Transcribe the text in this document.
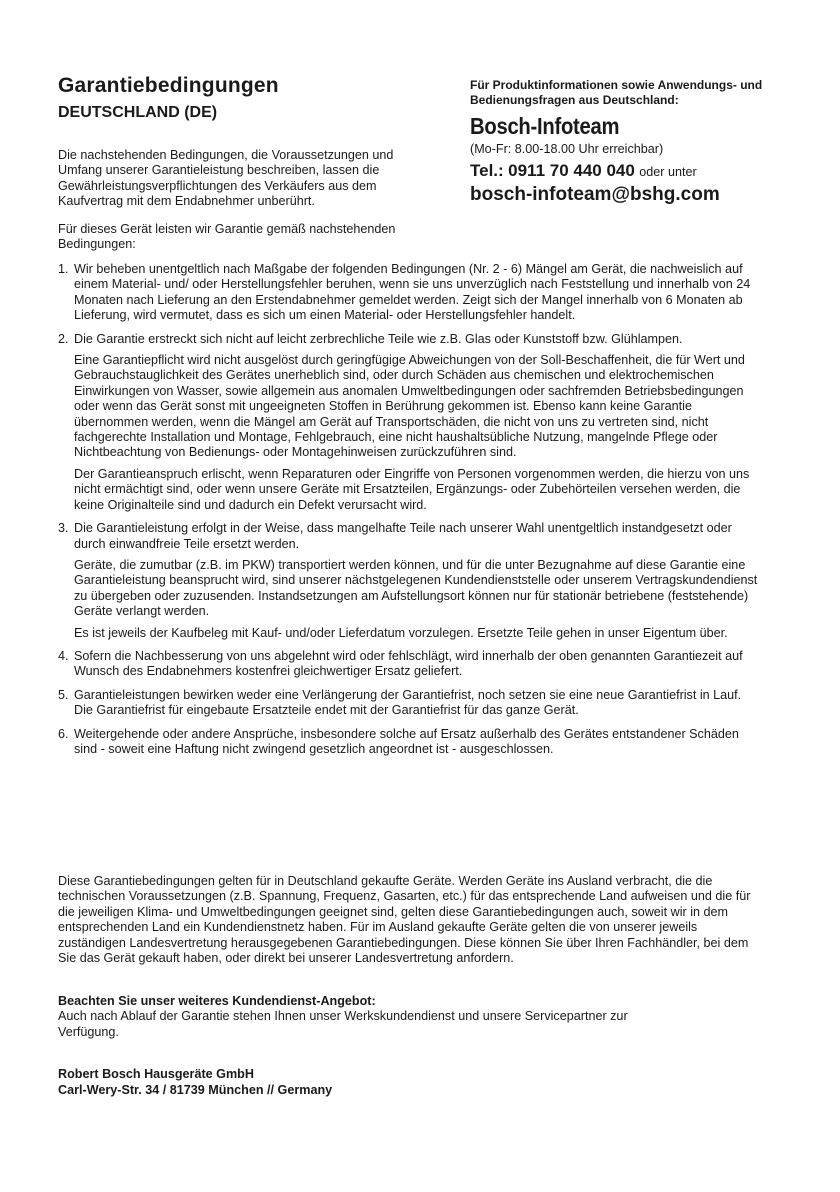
Garantiebedingungen
DEUTSCHLAND (DE)

Die nachstehenden Bedingungen, die Voraussetzungen und Umfang unserer Garantieleistung beschreiben, lassen die Gewährleistungsverpflichtungen des Verkäufers aus dem Kaufvertrag mit dem Endabnehmer unberührt.

Für dieses Gerät leisten wir Garantie gemäß nachstehenden Bedingungen:

Für Produktinformationen sowie Anwendungs- und Bedienungsfragen aus Deutschland:

Bosch-Infoteam

(Mo-Fr: 8.00-18.00 Uhr erreichbar)

Tel.: 0911 70 440 040 oder unter

bosch-infoteam@bshg.com

1. Wir beheben unentgeltlich nach Maßgabe der folgenden Bedingungen (Nr. 2 - 6) Mängel am Gerät, die nachweislich auf einem Material- und/ oder Herstellungsfehler beruhen, wenn sie uns unverzüglich nach Feststellung und innerhalb von 24 Monaten nach Lieferung an den Erstendabnehmer gemeldet werden. Zeigt sich der Mangel innerhalb von 6 Monaten ab Lieferung, wird vermutet, dass es sich um einen Material- oder Herstellungsfehler handelt.

2. Die Garantie erstreckt sich nicht auf leicht zerbrechliche Teile wie z.B. Glas oder Kunststoff bzw. Glühlampen.

Eine Garantiepflicht wird nicht ausgelöst durch geringfügige Abweichungen von der Soll-Beschaffenheit, die für Wert und Gebrauchstauglichkeit des Gerätes unerheblich sind, oder durch Schäden aus chemischen und elektrochemischen Einwirkungen von Wasser, sowie allgemein aus anomalen Umweltbedingungen oder sachfremden Betriebsbedingungen oder wenn das Gerät sonst mit ungeeigneten Stoffen in Berührung gekommen ist. Ebenso kann keine Garantie übernommen werden, wenn die Mängel am Gerät auf Transportschäden, die nicht von uns zu vertreten sind, nicht fachgerechte Installation und Montage, Fehlgebrauch, eine nicht haushaltsübliche Nutzung, mangelnde Pflege oder Nichtbeachtung von Bedienungs- oder Montagehinweisen zurückzuführen sind.

Der Garantieanspruch erlischt, wenn Reparaturen oder Eingriffe von Personen vorgenommen werden, die hierzu von uns nicht ermächtigt sind, oder wenn unsere Geräte mit Ersatzteilen, Ergänzungs- oder Zubehörteilen versehen werden, die keine Originalteile sind und dadurch ein Defekt verursacht wird.

3. Die Garantieleistung erfolgt in der Weise, dass mangelhafte Teile nach unserer Wahl unentgeltlich instandgesetzt oder durch einwandfreie Teile ersetzt werden.

Geräte, die zumutbar (z.B. im PKW) transportiert werden können, und für die unter Bezugnahme auf diese Garantie eine Garantieleistung beansprucht wird, sind unserer nächstgelegenen Kundendienststelle oder unserem Vertragskundendienst zu übergeben oder zuzusenden. Instandsetzungen am Aufstellungsort können nur für stationär betriebene (feststehende) Geräte verlangt werden.

Es ist jeweils der Kaufbeleg mit Kauf- und/oder Lieferdatum vorzulegen. Ersetzte Teile gehen in unser Eigentum über.

4. Sofern die Nachbesserung von uns abgelehnt wird oder fehlschlägt, wird innerhalb der oben genannten Garantiezeit auf Wunsch des Endabnehmers kostenfrei gleichwertiger Ersatz geliefert.

5. Garantieleistungen bewirken weder eine Verlängerung der Garantiefrist, noch setzen sie eine neue Garantiefrist in Lauf. Die Garantiefrist für eingebaute Ersatzteile endet mit der Garantiefrist für das ganze Gerät.

6. Weitergehende oder andere Ansprüche, insbesondere solche auf Ersatz außerhalb des Gerätes entstandener Schäden sind - soweit eine Haftung nicht zwingend gesetzlich angeordnet ist - ausgeschlossen.

Diese Garantiebedingungen gelten für in Deutschland gekaufte Geräte. Werden Geräte ins Ausland verbracht, die die technischen Voraussetzungen (z.B. Spannung, Frequenz, Gasarten, etc.) für das entsprechende Land aufweisen und die für die jeweiligen Klima- und Umweltbedingungen geeignet sind, gelten diese Garantiebedingungen auch, soweit wir in dem entsprechenden Land ein Kundendienstnetz haben. Für im Ausland gekaufte Geräte gelten die von unserer jeweils zuständigen Landesvertretung herausgegebenen Garantiebedingungen. Diese können Sie über Ihren Fachhändler, bei dem Sie das Gerät gekauft haben, oder direkt bei unserer Landesvertretung anfordern.

Beachten Sie unser weiteres Kundendienst-Angebot:

Auch nach Ablauf der Garantie stehen Ihnen unser Werkskundendienst und unsere Servicepartner zur Verfügung.

Robert Bosch Hausgeräte GmbH

Carl-Wery-Str. 34 / 81739 München // Germany
